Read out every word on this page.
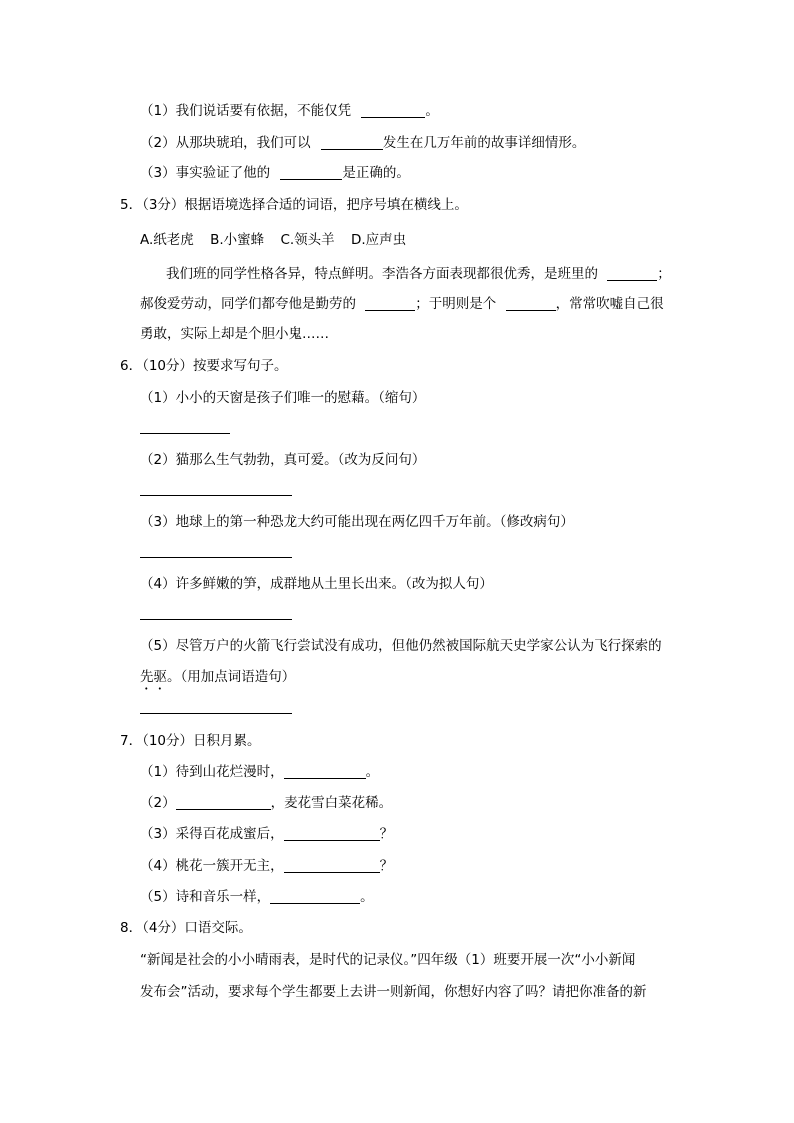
（1）我们说话要有依据，不能仅凭	。
（2）从那块琥珀，我们可以	发生在几万年前的故事详细情形。
（3）事实验证了他的	是正确的。
5．（3分）根据语境选择合适的词语，把序号填在横线上。
A.纸老虎 B.小蜜蜂 C.领头羊 D.应声虫
我们班的同学性格各异，特点鲜明。李浩各方面表现都很优秀，是班里的	；
郝俊爱劳动，同学们都夸他是勤劳的	；于明则是个	，常常吹嘘自己很
勇敢，实际上却是个胆小鬼……
6．（10分）按要求写句子。
（1）小小的天窗是孩子们唯一的慰藉。（缩句）
（2）猫那么生气勃勃，真可爱。（改为反问句）
（3）地球上的第一种恐龙大约可能出现在两亿四千万年前。（修改病句）
（4）许多鲜嫩的笋，成群地从土里长出来。（改为拟人句）
（5）尽管万户的火箭飞行尝试没有成功，但他仍然被国际航天史学家公认为飞行探索的
先驱。（用加点词语造句）
7．（10分）日积月累。
（1）待到山花烂漫时，	。
（2）	，麦花雪白菜花稀。
（3）采得百花成蜜后，	？
（4）桃花一簇开无主，	？
（5）诗和音乐一样，	。
8．（4分）口语交际。
“新闻是社会的小小晴雨表，是时代的记录仪。”四年级（1）班要开展一次“小小新闻
发布会”活动，要求每个学生都要上去讲一则新闻，你想好内容了吗？请把你准备的新
